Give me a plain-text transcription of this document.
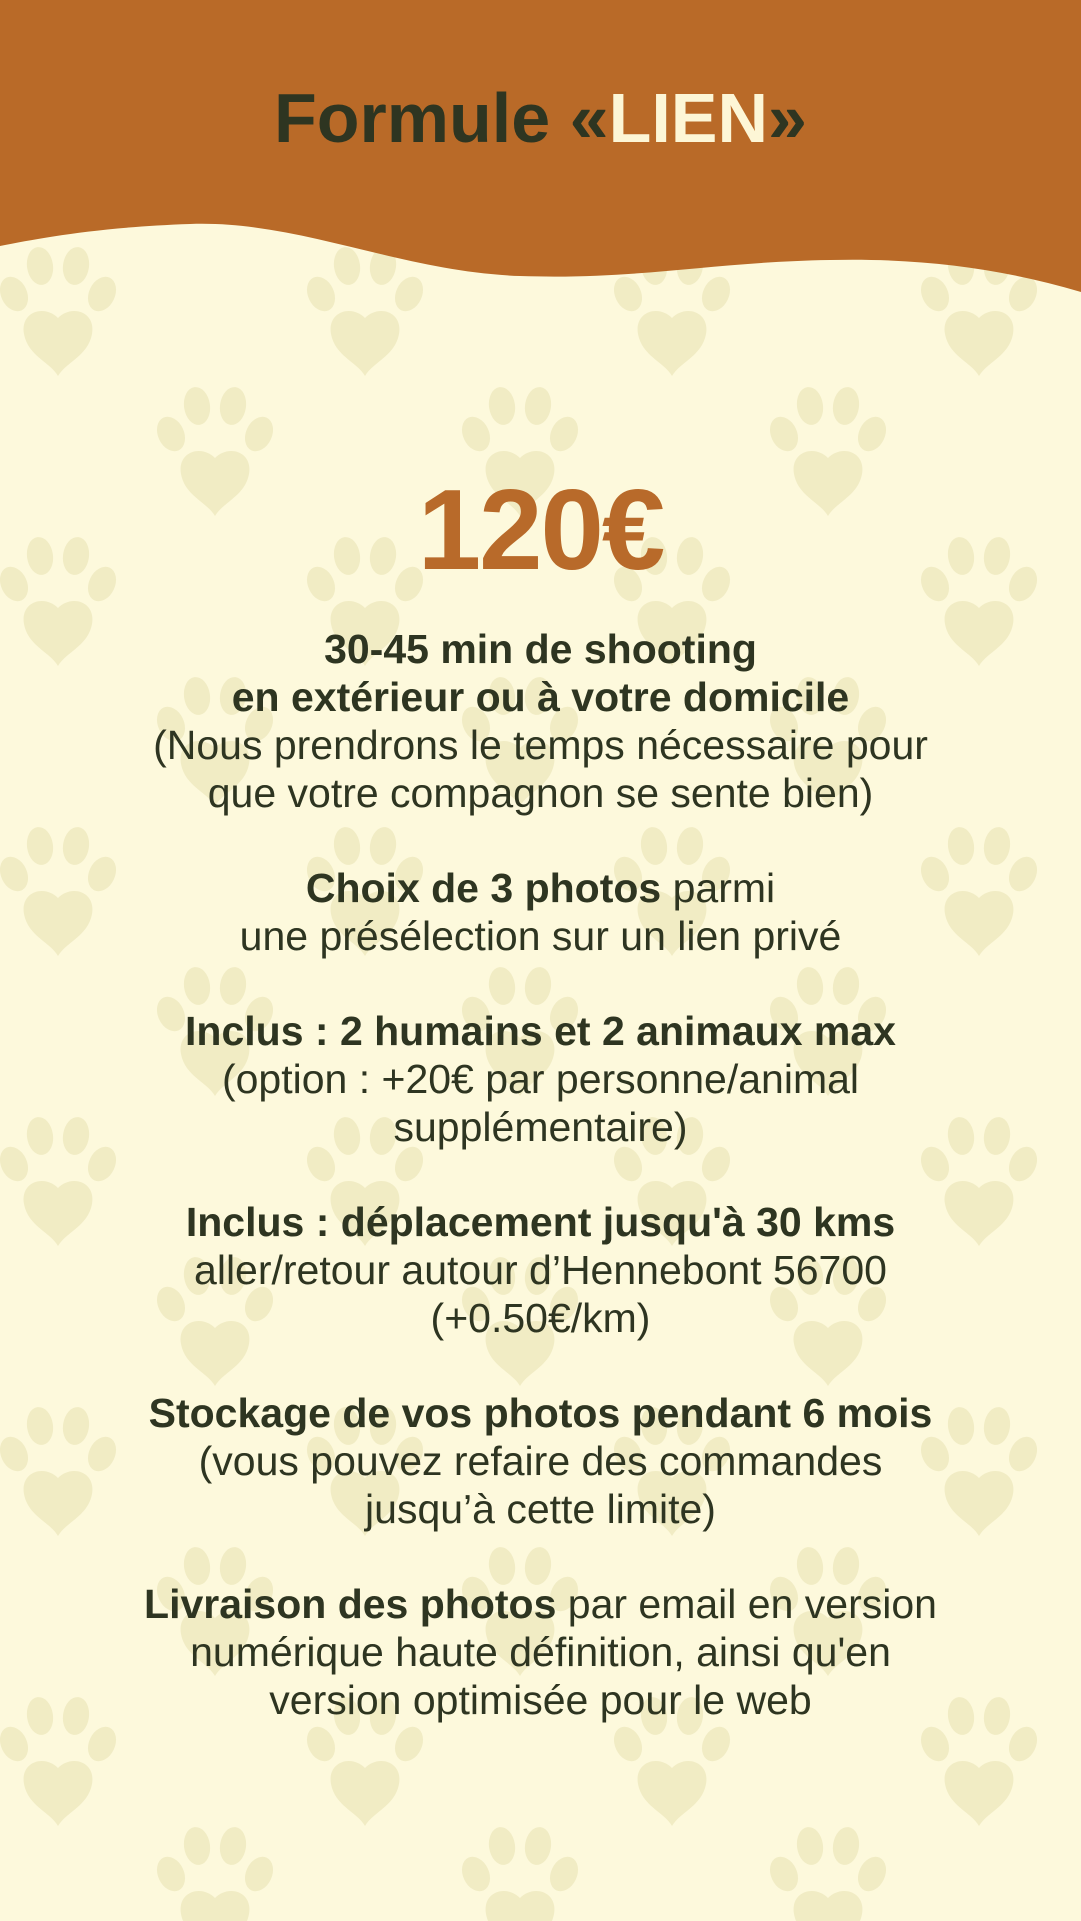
Formule «LIEN»
120€
30-45 min de shooting
en extérieur ou à votre domicile
(Nous prendrons le temps nécessaire pour
que votre compagnon se sente bien)
Choix de 3 photos parmi
une présélection sur un lien privé
Inclus : 2 humains et 2 animaux max
(option : +20€ par personne/animal
supplémentaire)
Inclus : déplacement jusqu'à 30 kms
aller/retour autour d’Hennebont 56700
(+0.50€/km)
Stockage de vos photos pendant 6 mois
(vous pouvez refaire des commandes
jusqu’à cette limite)
Livraison des photos par email en version
numérique haute définition, ainsi qu'en
version optimisée pour le web
